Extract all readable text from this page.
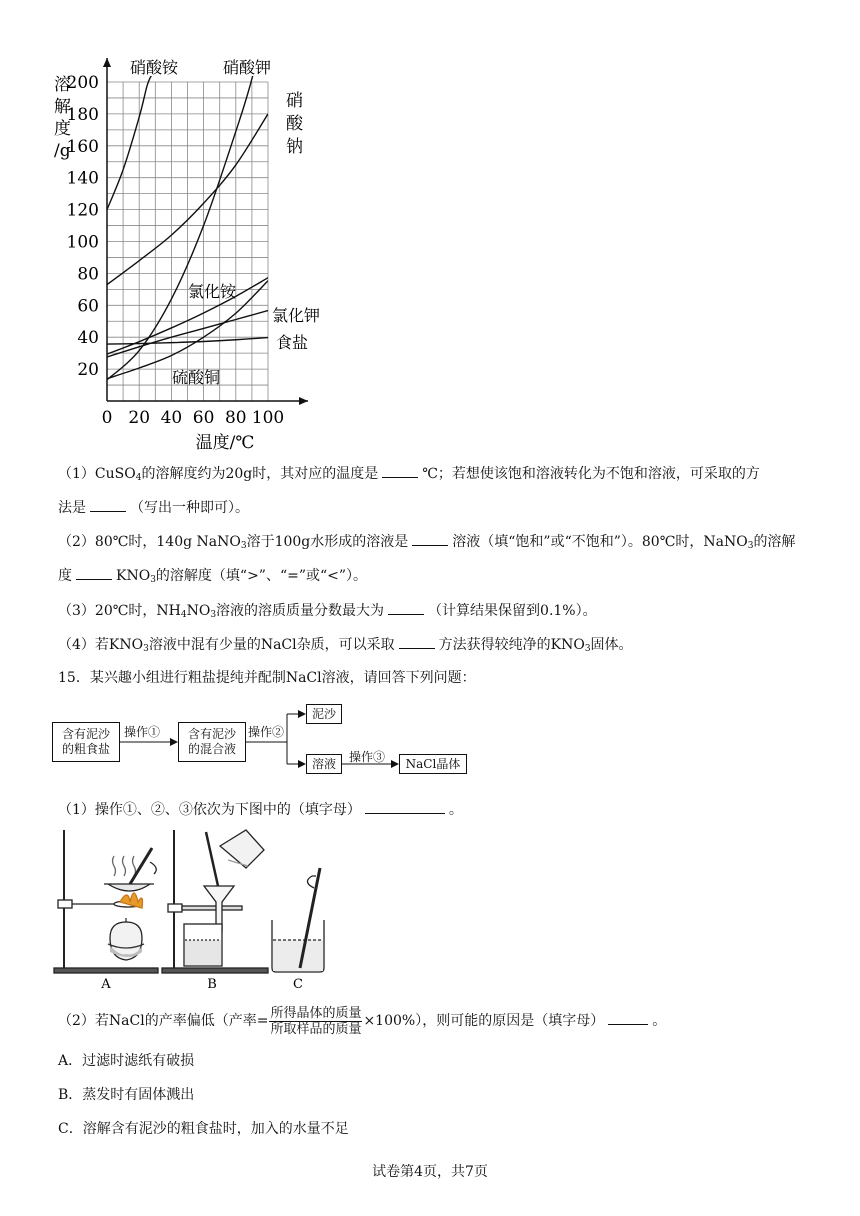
0 20 40 60 80 100
20
40
60
80
100
120
140
160
180
200
硝酸铵	硝酸钾
硝
酸
钠
氯化铵
氯化钾
食盐
硫酸铜
溶
解
度
/g
温度/℃
（1）CuSO$_4$的溶解度约为20g时，其对应的温度是	℃；若想使该饱和溶液转化为不饱和溶液，可采取的方
法是	（写出一种即可）。
（2）80℃时，140g NaNO$_3$溶于100g水形成的溶液是	溶液（填“饱和”或“不饱和”）。80℃时，NaNO$_3$的溶解
度	$KNO_3$的溶解度（填“>”、“=”或“<”）。
（3）20℃时，$NH_4NO_3$溶液的溶质质量分数最大为	（计算结果保留到0.1%）。
（4）若$KNO_3$溶液中混有少量的NaCl杂质，可以采取	方法获得较纯净的$KNO_3$固体。
15．某兴趣小组进行粗盐提纯并配制NaCl溶液，请回答下列问题：
含有泥沙
的粗食盐
含有泥沙
的混合液
泥沙
溶液	NaCl晶体
操作①	操作②
操作③
（1）操作①、②、③依次为下图中的（填字母）	。
A	B	C
（2）若NaCl的产率偏低（产率= $\frac{\text{所得晶体的质量}}{\text{所取样品的质量}} \times 100\%$），则可能的原因是（填字母）	。
A．过滤时滤纸有破损
B．蒸发时有固体溅出
C．溶解含有泥沙的粗食盐时，加入的水量不足
试卷第4页，共7页
